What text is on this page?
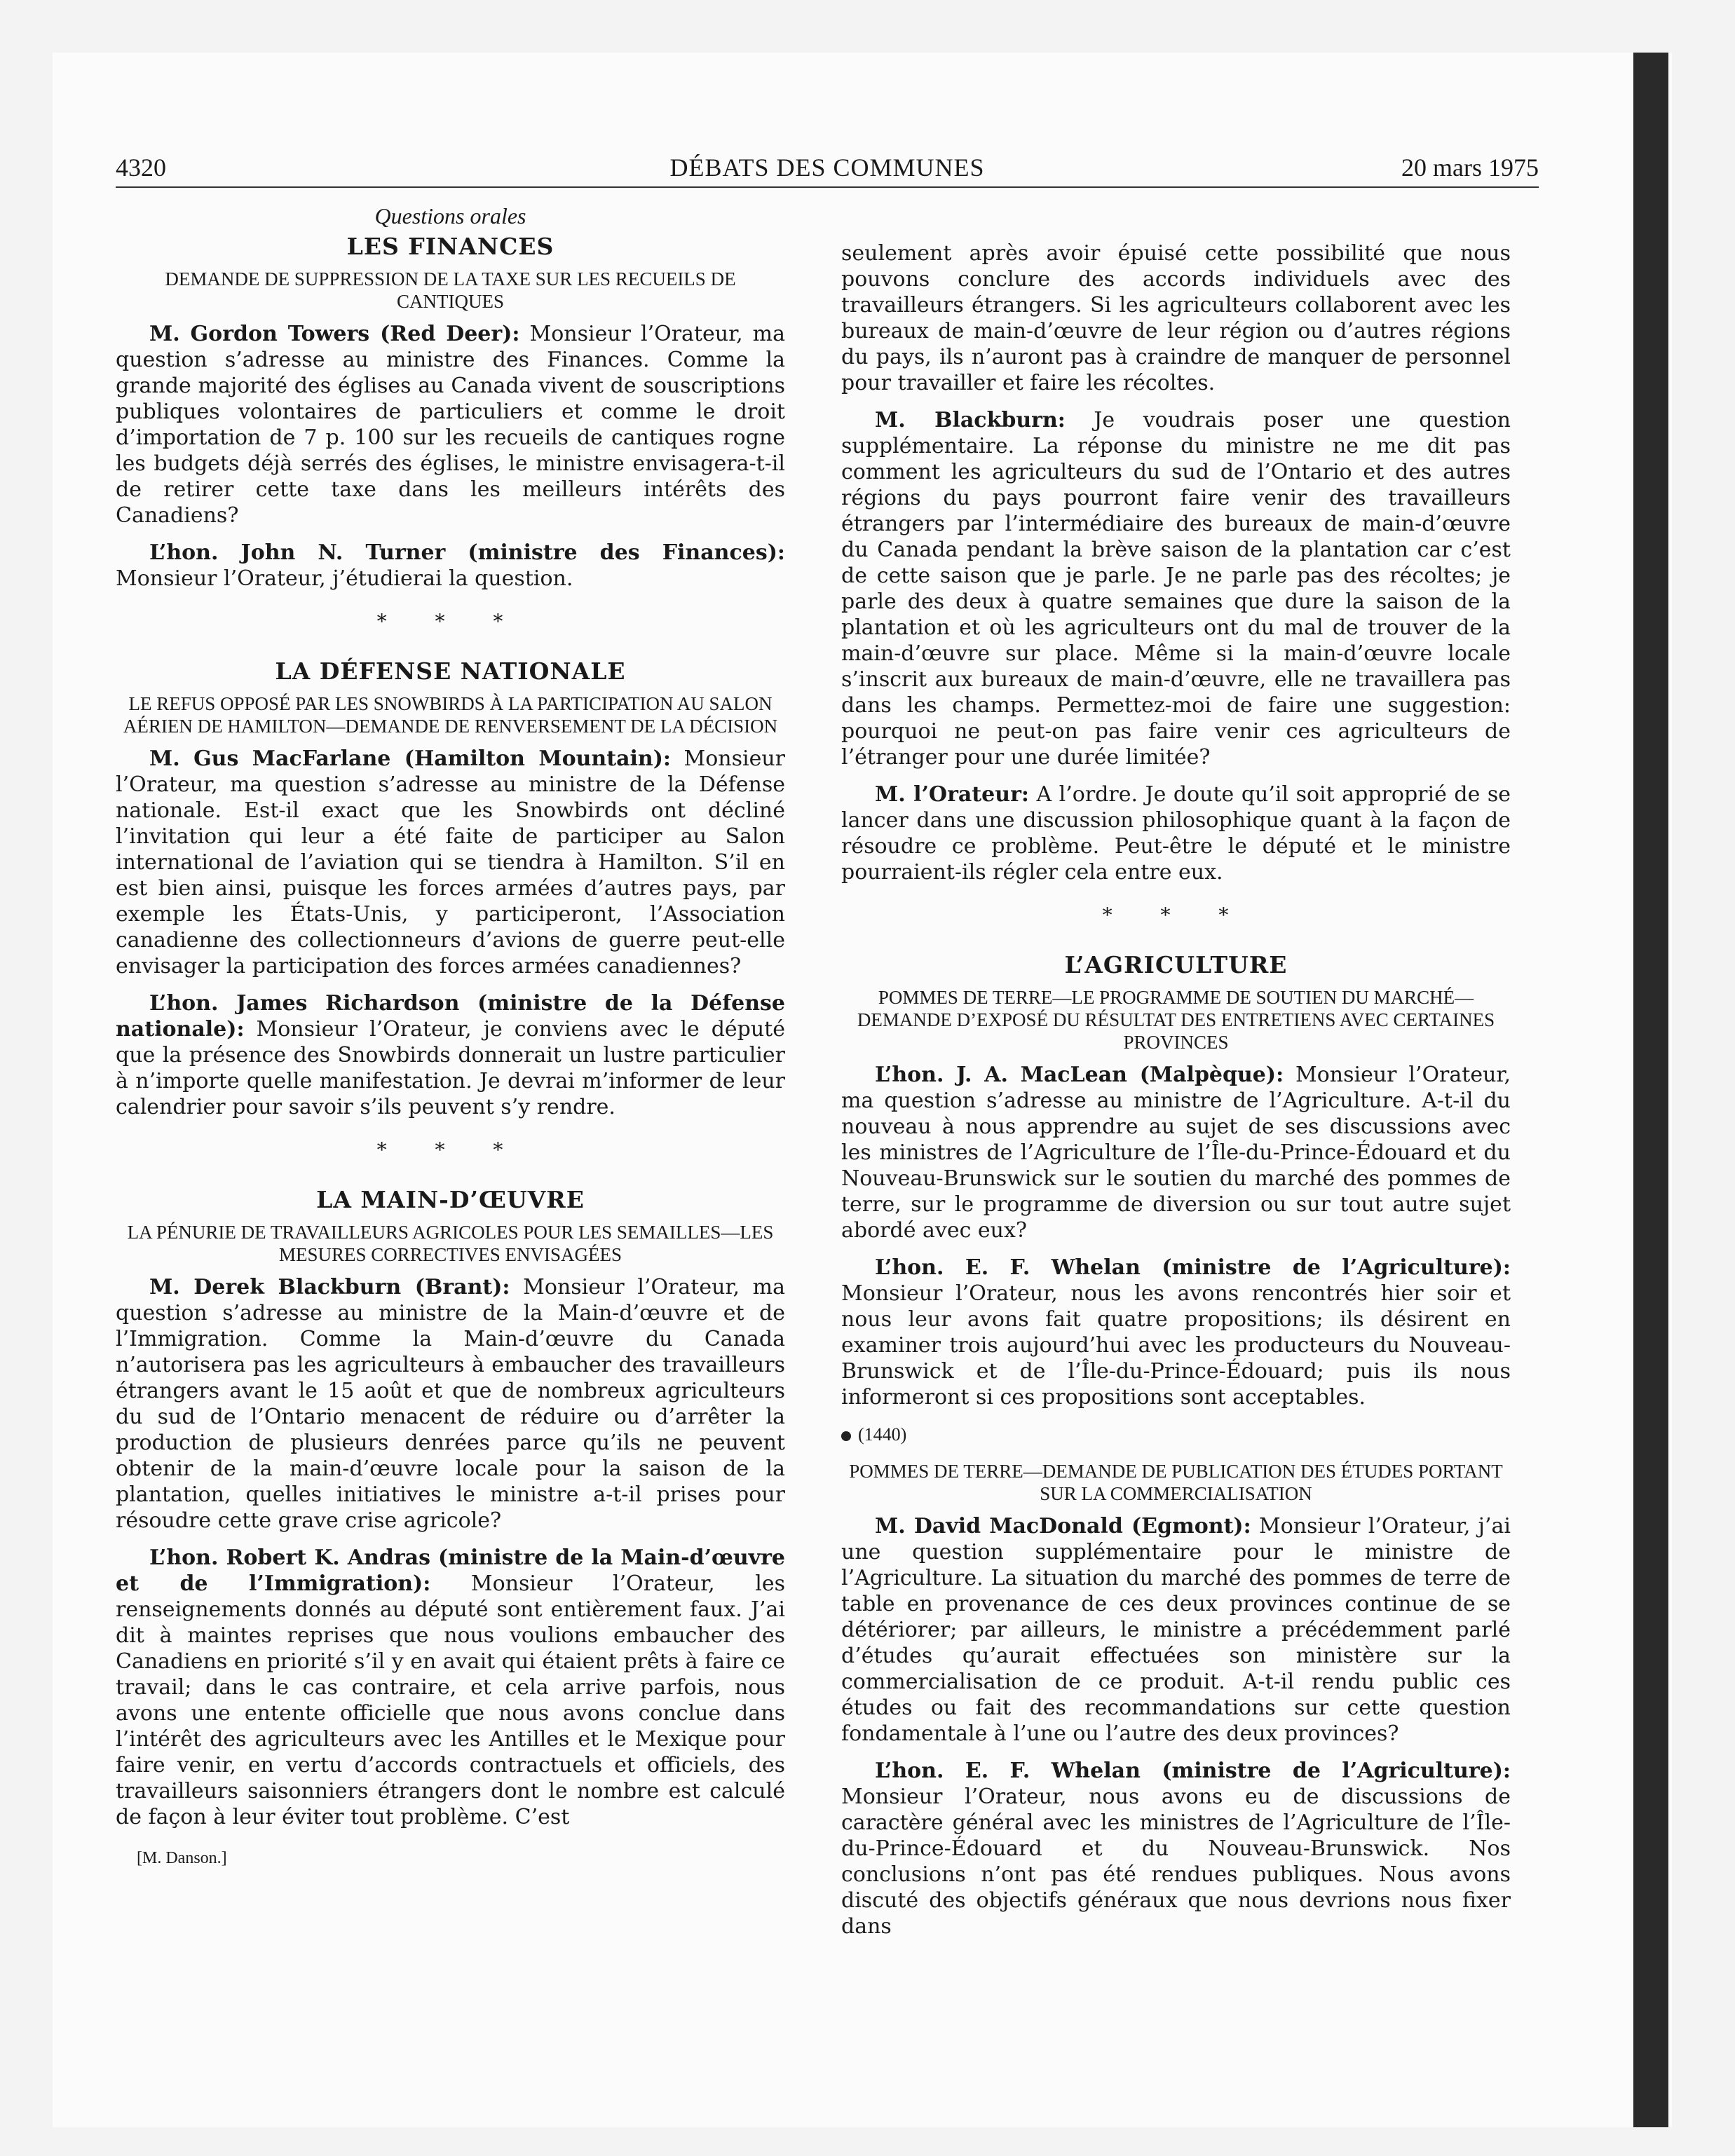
4320	DÉBATS DES COMMUNES	20 mars 1975
Questions orales
LES FINANCES
DEMANDE DE SUPPRESSION DE LA TAXE SUR LES RECUEILS DE CANTIQUES

M. Gordon Towers (Red Deer): Monsieur l’Orateur, ma question s’adresse au ministre des Finances. Comme la grande majorité des églises au Canada vivent de souscriptions publiques volontaires de particuliers et comme le droit d’importation de 7 p. 100 sur les recueils de cantiques rogne les budgets déjà serrés des églises, le ministre envisagera-t-il de retirer cette taxe dans les meilleurs intérêts des Canadiens?

L’hon. John N. Turner (ministre des Finances): Monsieur l’Orateur, j’étudierai la question.

* * *
LA DÉFENSE NATIONALE
LE REFUS OPPOSÉ PAR LES SNOWBIRDS À LA PARTICIPATION AU SALON AÉRIEN DE HAMILTON—DEMANDE DE RENVERSEMENT DE LA DÉCISION

M. Gus MacFarlane (Hamilton Mountain): Monsieur l’Orateur, ma question s’adresse au ministre de la Défense nationale. Est-il exact que les Snowbirds ont décliné l’invitation qui leur a été faite de participer au Salon international de l’aviation qui se tiendra à Hamilton. S’il en est bien ainsi, puisque les forces armées d’autres pays, par exemple les États-Unis, y participeront, l’Association canadienne des collectionneurs d’avions de guerre peut-elle envisager la participation des forces armées canadiennes?

L’hon. James Richardson (ministre de la Défense nationale): Monsieur l’Orateur, je conviens avec le député que la présence des Snowbirds donnerait un lustre particulier à n’importe quelle manifestation. Je devrai m’informer de leur calendrier pour savoir s’ils peuvent s’y rendre.

* * *
LA MAIN-D’ŒUVRE
LA PÉNURIE DE TRAVAILLEURS AGRICOLES POUR LES SEMAILLES—LES MESURES CORRECTIVES ENVISAGÉES

M. Derek Blackburn (Brant): Monsieur l’Orateur, ma question s’adresse au ministre de la Main-d’œuvre et de l’Immigration. Comme la Main-d’œuvre du Canada n’autorisera pas les agriculteurs à embaucher des travailleurs étrangers avant le 15 août et que de nombreux agriculteurs du sud de l’Ontario menacent de réduire ou d’arrêter la production de plusieurs denrées parce qu’ils ne peuvent obtenir de la main-d’œuvre locale pour la saison de la plantation, quelles initiatives le ministre a-t-il prises pour résoudre cette grave crise agricole?

L’hon. Robert K. Andras (ministre de la Main-d’œuvre et de l’Immigration): Monsieur l’Orateur, les renseignements donnés au député sont entièrement faux. J’ai dit à maintes reprises que nous voulions embaucher des Canadiens en priorité s’il y en avait qui étaient prêts à faire ce travail; dans le cas contraire, et cela arrive parfois, nous avons une entente officielle que nous avons conclue dans l’intérêt des agriculteurs avec les Antilles et le Mexique pour faire venir, en vertu d’accords contractuels et officiels, des travailleurs saisonniers étrangers dont le nombre est calculé de façon à leur éviter tout problème. C’est

[M. Danson.]

seulement après avoir épuisé cette possibilité que nous pouvons conclure des accords individuels avec des travailleurs étrangers. Si les agriculteurs collaborent avec les bureaux de main-d’œuvre de leur région ou d’autres régions du pays, ils n’auront pas à craindre de manquer de personnel pour travailler et faire les récoltes.

M. Blackburn: Je voudrais poser une question supplémentaire. La réponse du ministre ne me dit pas comment les agriculteurs du sud de l’Ontario et des autres régions du pays pourront faire venir des travailleurs étrangers par l’intermédiaire des bureaux de main-d’œuvre du Canada pendant la brève saison de la plantation car c’est de cette saison que je parle. Je ne parle pas des récoltes; je parle des deux à quatre semaines que dure la saison de la plantation et où les agriculteurs ont du mal de trouver de la main-d’œuvre sur place. Même si la main-d’œuvre locale s’inscrit aux bureaux de main-d’œuvre, elle ne travaillera pas dans les champs. Permettez-moi de faire une suggestion: pourquoi ne peut-on pas faire venir ces agriculteurs de l’étranger pour une durée limitée?

M. l’Orateur: A l’ordre. Je doute qu’il soit approprié de se lancer dans une discussion philosophique quant à la façon de résoudre ce problème. Peut-être le député et le ministre pourraient-ils régler cela entre eux.

* * *
L’AGRICULTURE
POMMES DE TERRE—LE PROGRAMME DE SOUTIEN DU MARCHÉ—DEMANDE D’EXPOSÉ DU RÉSULTAT DES ENTRETIENS AVEC CERTAINES PROVINCES

L’hon. J. A. MacLean (Malpèque): Monsieur l’Orateur, ma question s’adresse au ministre de l’Agriculture. A-t-il du nouveau à nous apprendre au sujet de ses discussions avec les ministres de l’Agriculture de l’Île-du-Prince-Édouard et du Nouveau-Brunswick sur le soutien du marché des pommes de terre, sur le programme de diversion ou sur tout autre sujet abordé avec eux?

L’hon. E. F. Whelan (ministre de l’Agriculture): Monsieur l’Orateur, nous les avons rencontrés hier soir et nous leur avons fait quatre propositions; ils désirent en examiner trois aujourd’hui avec les producteurs du Nouveau-Brunswick et de l’Île-du-Prince-Édouard; puis ils nous informeront si ces propositions sont acceptables.

(1440)
POMMES DE TERRE—DEMANDE DE PUBLICATION DES ÉTUDES PORTANT SUR LA COMMERCIALISATION

M. David MacDonald (Egmont): Monsieur l’Orateur, j’ai une question supplémentaire pour le ministre de l’Agriculture. La situation du marché des pommes de terre de table en provenance de ces deux provinces continue de se détériorer; par ailleurs, le ministre a précédemment parlé d’études qu’aurait effectuées son ministère sur la commercialisation de ce produit. A-t-il rendu public ces études ou fait des recommandations sur cette question fondamentale à l’une ou l’autre des deux provinces?

L’hon. E. F. Whelan (ministre de l’Agriculture): Monsieur l’Orateur, nous avons eu de discussions de caractère général avec les ministres de l’Agriculture de l’Île-du-Prince-Édouard et du Nouveau-Brunswick. Nos conclusions n’ont pas été rendues publiques. Nous avons discuté des objectifs généraux que nous devrions nous fixer dans
